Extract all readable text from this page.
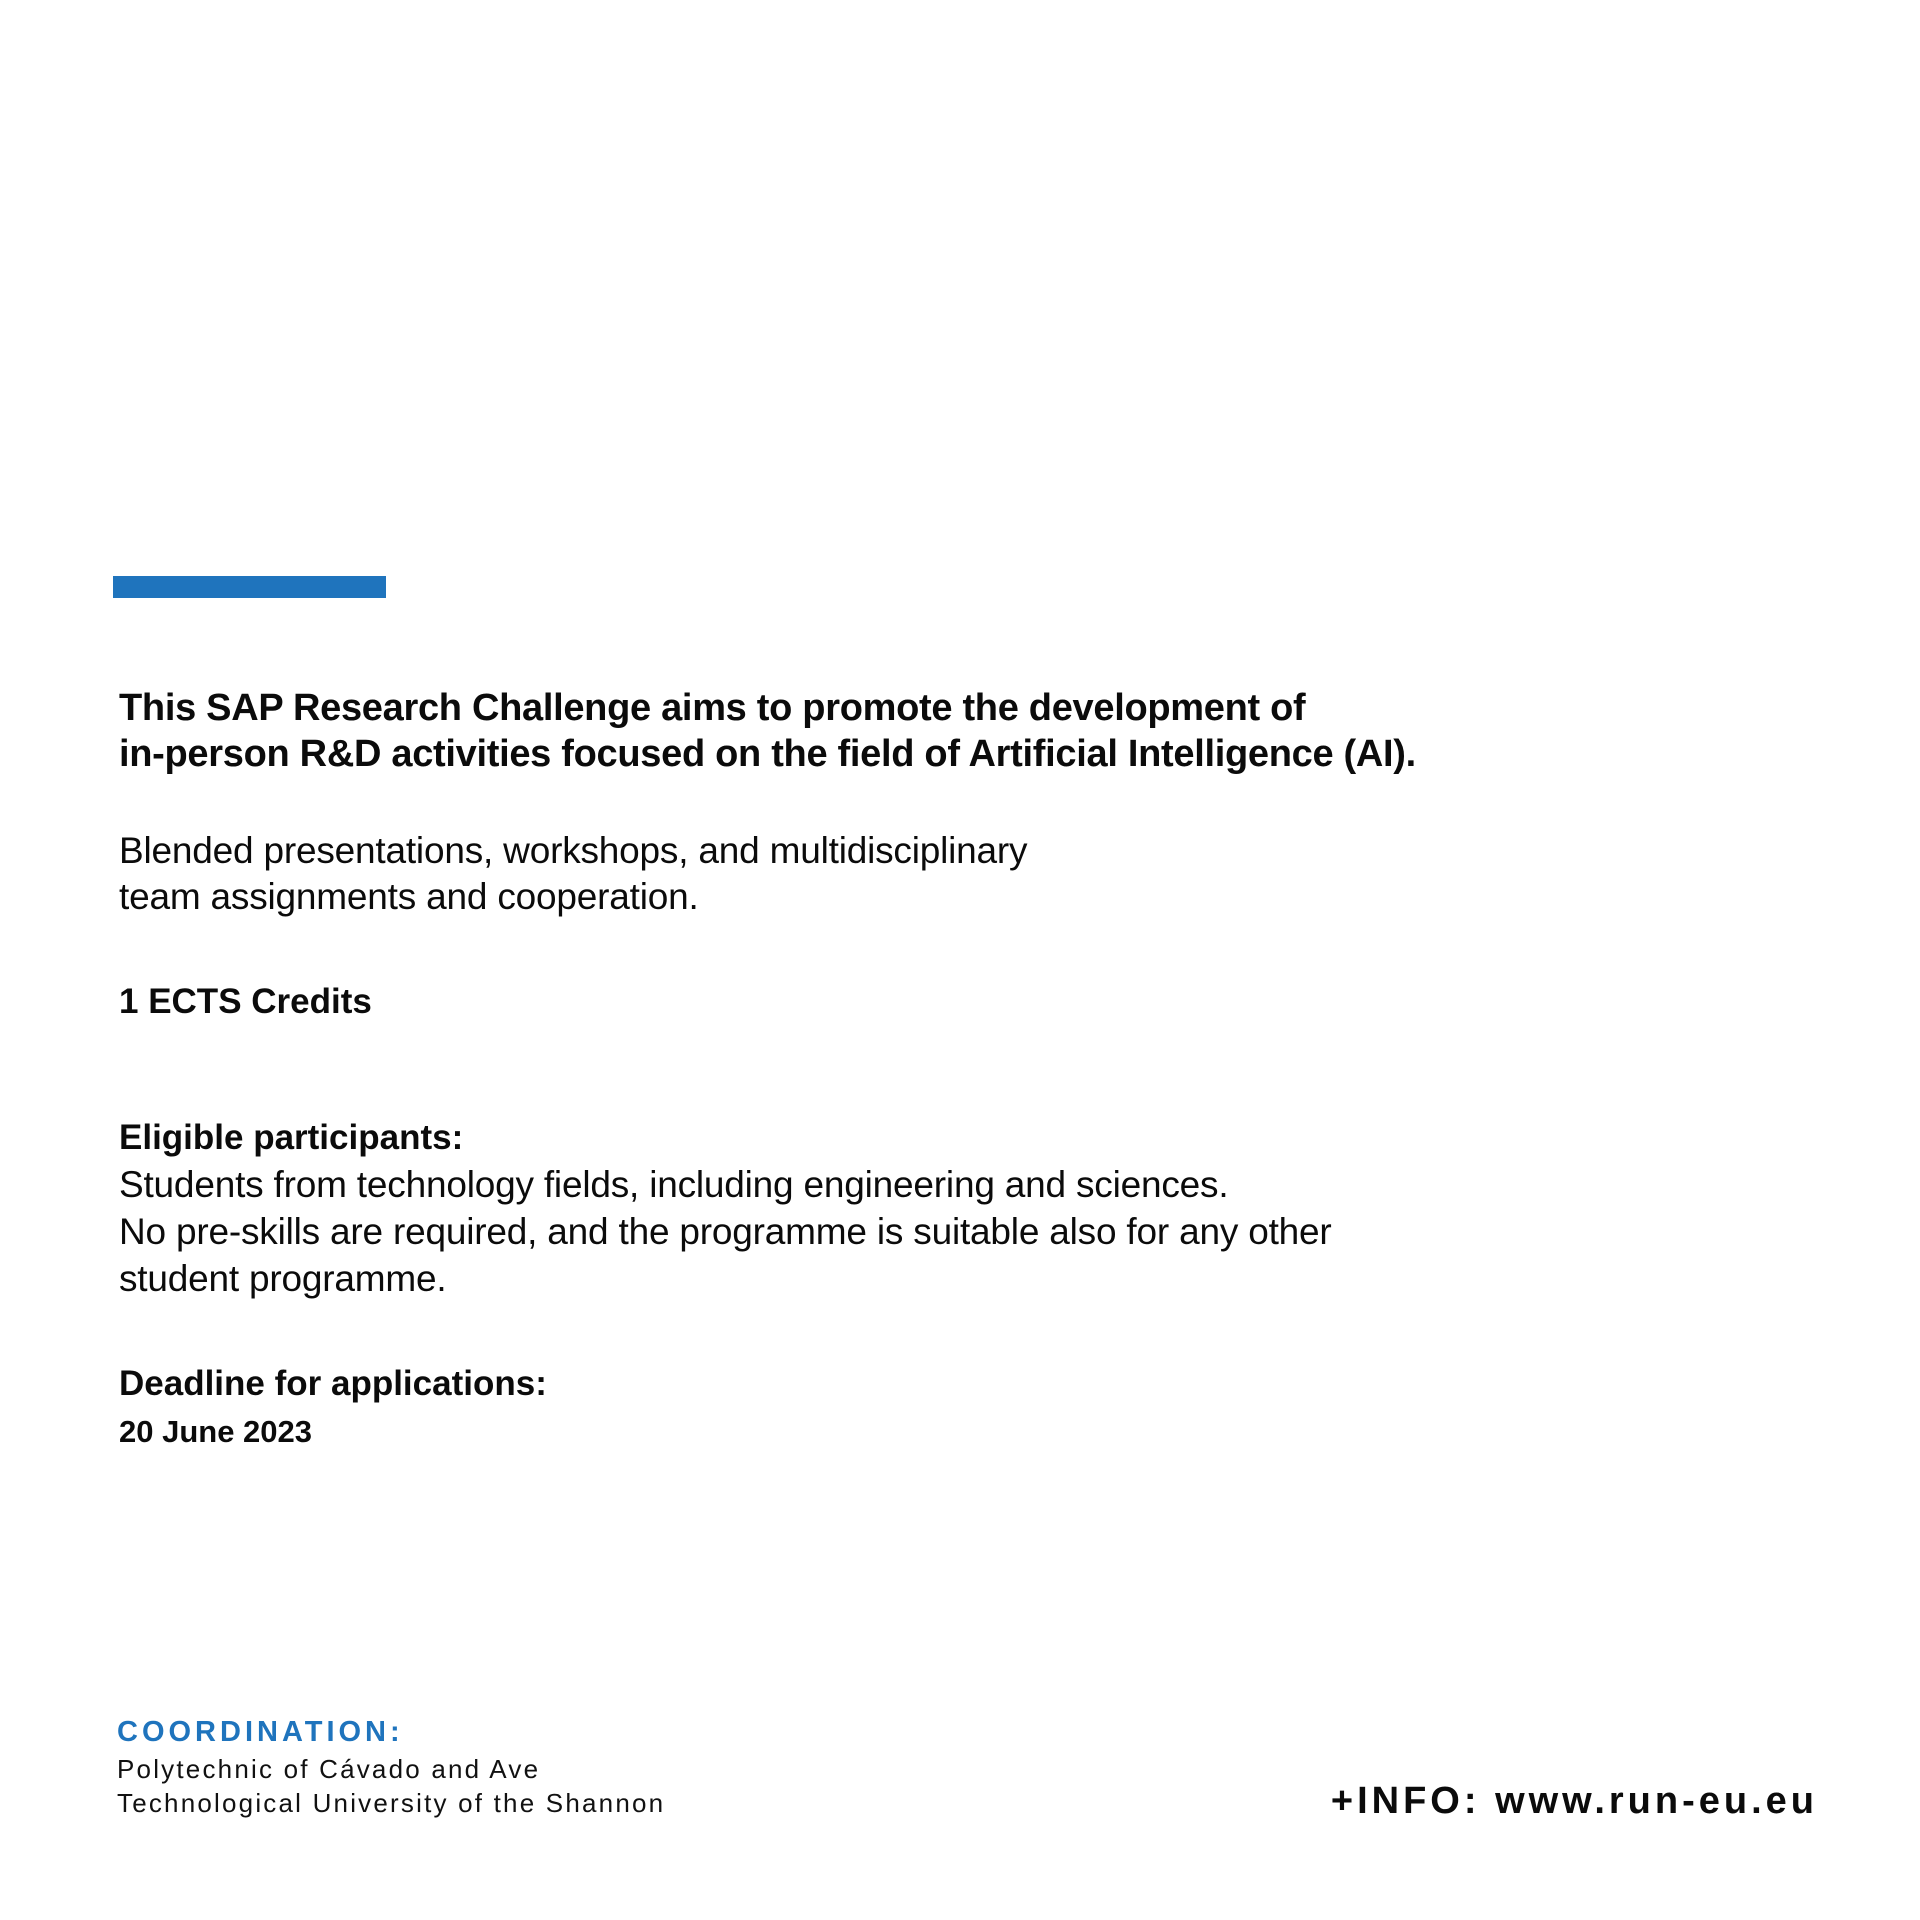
This SAP Research Challenge aims to promote the development of
in-person R&D activities focused on the field of Artificial Intelligence (AI).
Blended presentations, workshops, and multidisciplinary
team assignments and cooperation.
1 ECTS Credits
Eligible participants:
Students from technology fields, including engineering and sciences.
No pre-skills are required, and the programme is suitable also for any other
student programme.
Deadline for applications:
20 June 2023
COORDINATION:
Polytechnic of Cávado and Ave
Technological University of the Shannon	+INFO: www.run-eu.eu
